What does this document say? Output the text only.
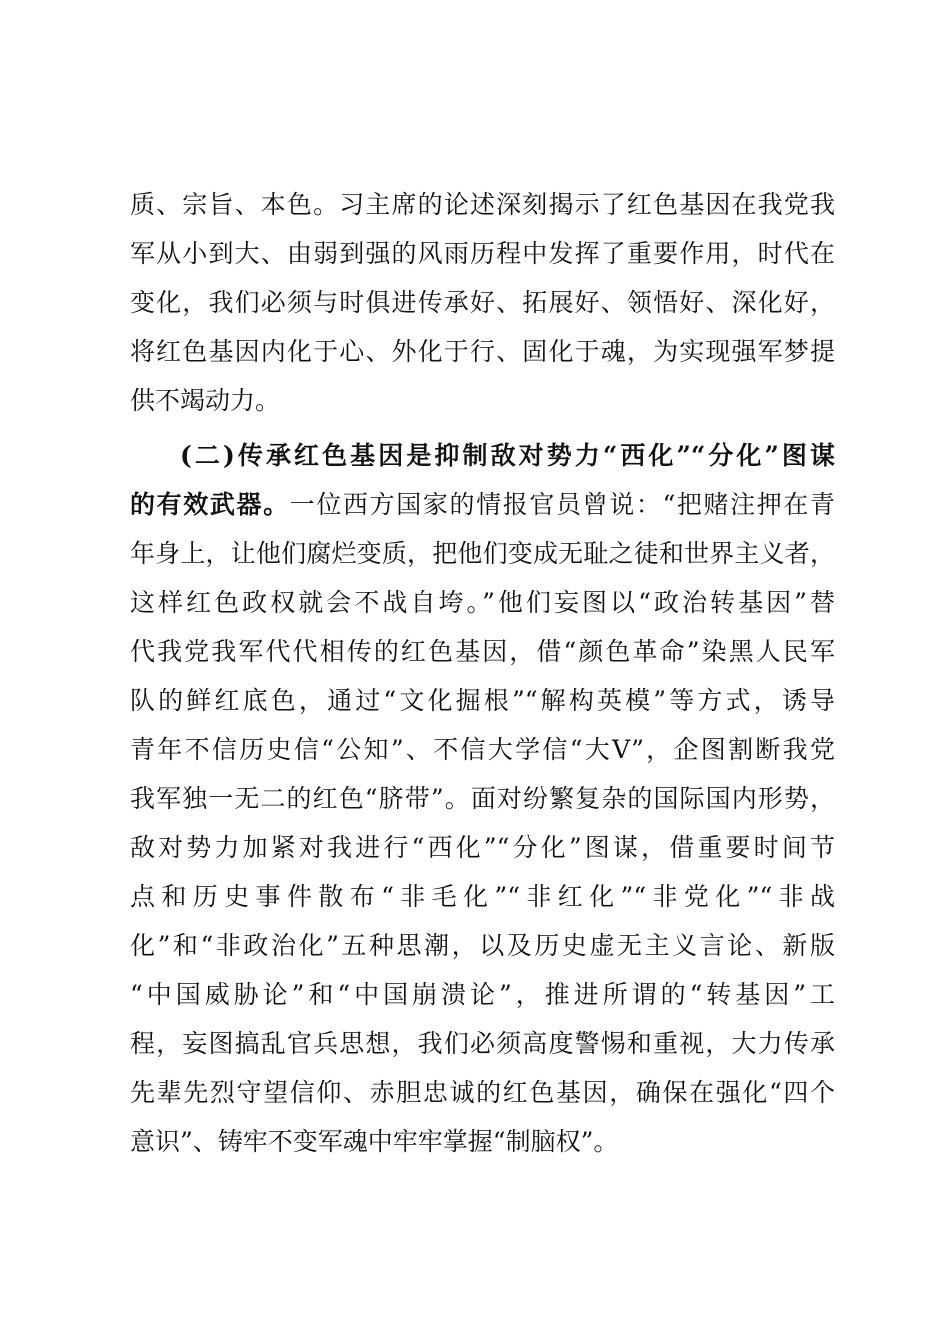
质、宗旨、本色。习主席的论述深刻揭示了红色基因在我党我
军从小到大、由弱到强的风雨历程中发挥了重要作用，时代在
变化，我们必须与时俱进传承好、拓展好、领悟好、深化好，
将红色基因内化于心、外化于行、固化于魂，为实现强军梦提
供不竭动力。
(二)传承红色基因是抑制敌对势力“西化”“分化”图谋
的有效武器。一位西方国家的情报官员曾说：“把赌注押在青
年身上，让他们腐烂变质，把他们变成无耻之徒和世界主义者，
这样红色政权就会不战自垮。”他们妄图以“政治转基因”替
代我党我军代代相传的红色基因，借“颜色革命”染黑人民军
队的鲜红底色，通过“文化掘根”“解构英模”等方式，诱导
青年不信历史信“公知”、不信大学信“大V”，企图割断我党
我军独一无二的红色“脐带”。面对纷繁复杂的国际国内形势，
敌对势力加紧对我进行“西化”“分化”图谋，借重要时间节
点和历史事件散布“非毛化”“非红化”“非党化”“非战
化”和“非政治化”五种思潮，以及历史虚无主义言论、新版
“中国威胁论”和“中国崩溃论”，推进所谓的“转基因”工
程，妄图搞乱官兵思想，我们必须高度警惕和重视，大力传承
先辈先烈守望信仰、赤胆忠诚的红色基因，确保在强化“四个
意识”、铸牢不变军魂中牢牢掌握“制脑权”。
